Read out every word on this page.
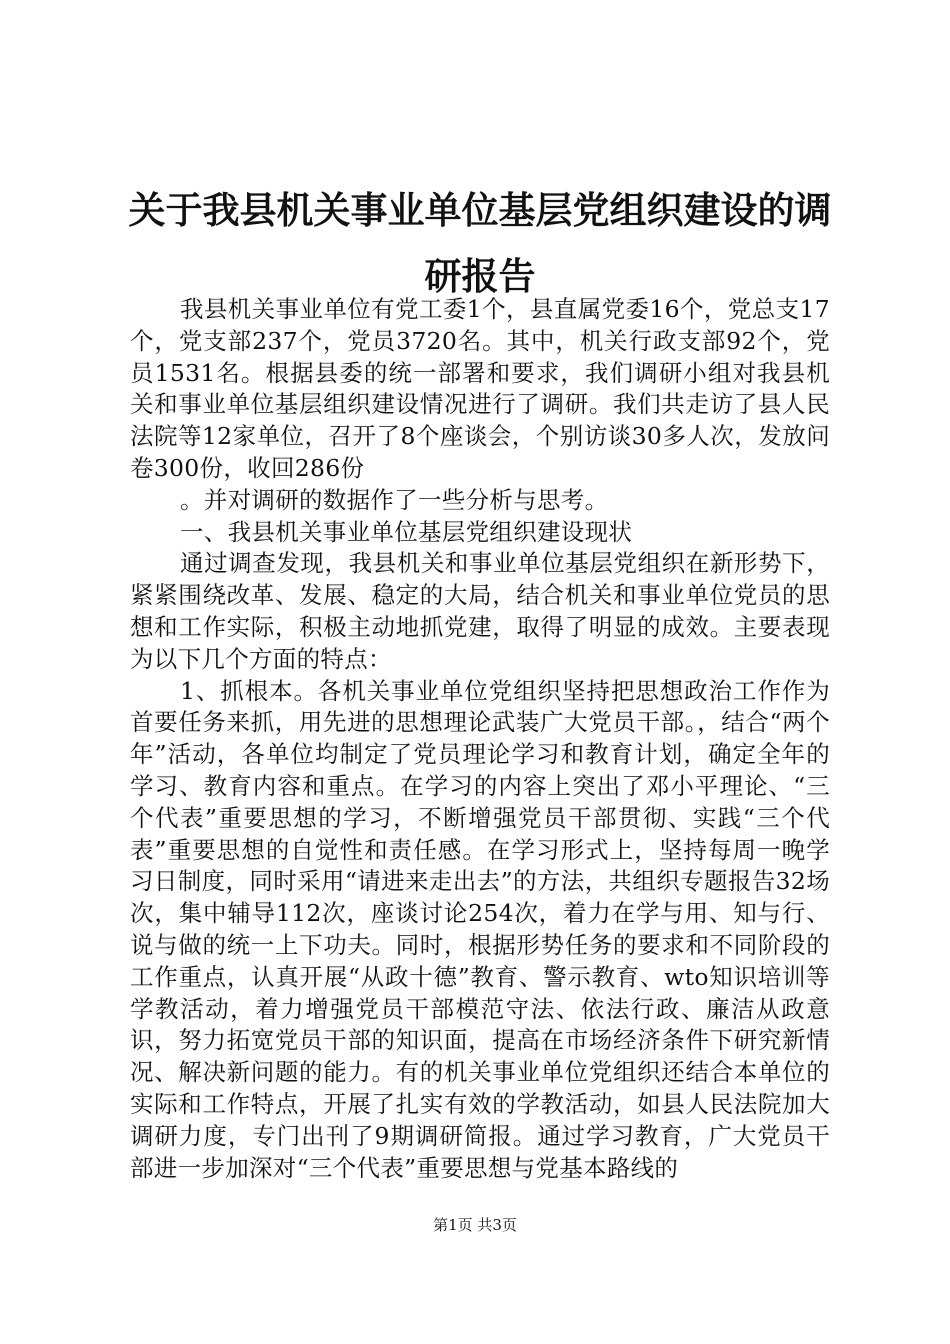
关于我县机关事业单位基层党组织建设的调研报告

我县机关事业单位有党工委1个，县直属党委16个，党总支17个，党支部237个，党员3720名。其中，机关行政支部92个，党员1531名。根据县委的统一部署和要求，我们调研小组对我县机关和事业单位基层组织建设情况进行了调研。我们共走访了县人民法院等12家单位，召开了8个座谈会，个别访谈30多人次，发放问卷300份，收回286份

。并对调研的数据作了一些分析与思考。

一、我县机关事业单位基层党组织建设现状

通过调查发现，我县机关和事业单位基层党组织在新形势下，紧紧围绕改革、发展、稳定的大局，结合机关和事业单位党员的思想和工作实际，积极主动地抓党建，取得了明显的成效。主要表现为以下几个方面的特点：

1、抓根本。各机关事业单位党组织坚持把思想政治工作作为首要任务来抓，用先进的思想理论武装广大党员干部。，结合“两个年”活动，各单位均制定了党员理论学习和教育计划，确定全年的学习、教育内容和重点。在学习的内容上突出了邓小平理论、“三个代表”重要思想的学习，不断增强党员干部贯彻、实践“三个代表”重要思想的自觉性和责任感。在学习形式上，坚持每周一晚学习日制度，同时采用“请进来走出去”的方法，共组织专题报告32场次，集中辅导112次，座谈讨论254次，着力在学与用、知与行、说与做的统一上下功夫。同时，根据形势任务的要求和不同阶段的工作重点，认真开展“从政十德”教育、警示教育、wto知识培训等学教活动，着力增强党员干部模范守法、依法行政、廉洁从政意识，努力拓宽党员干部的知识面，提高在市场经济条件下研究新情况、解决新问题的能力。有的机关事业单位党组织还结合本单位的实际和工作特点，开展了扎实有效的学教活动，如县人民法院加大调研力度，专门出刊了9期调研简报。通过学习教育，广大党员干部进一步加深对“三个代表”重要思想与党基本路线的

第1页 共3页
